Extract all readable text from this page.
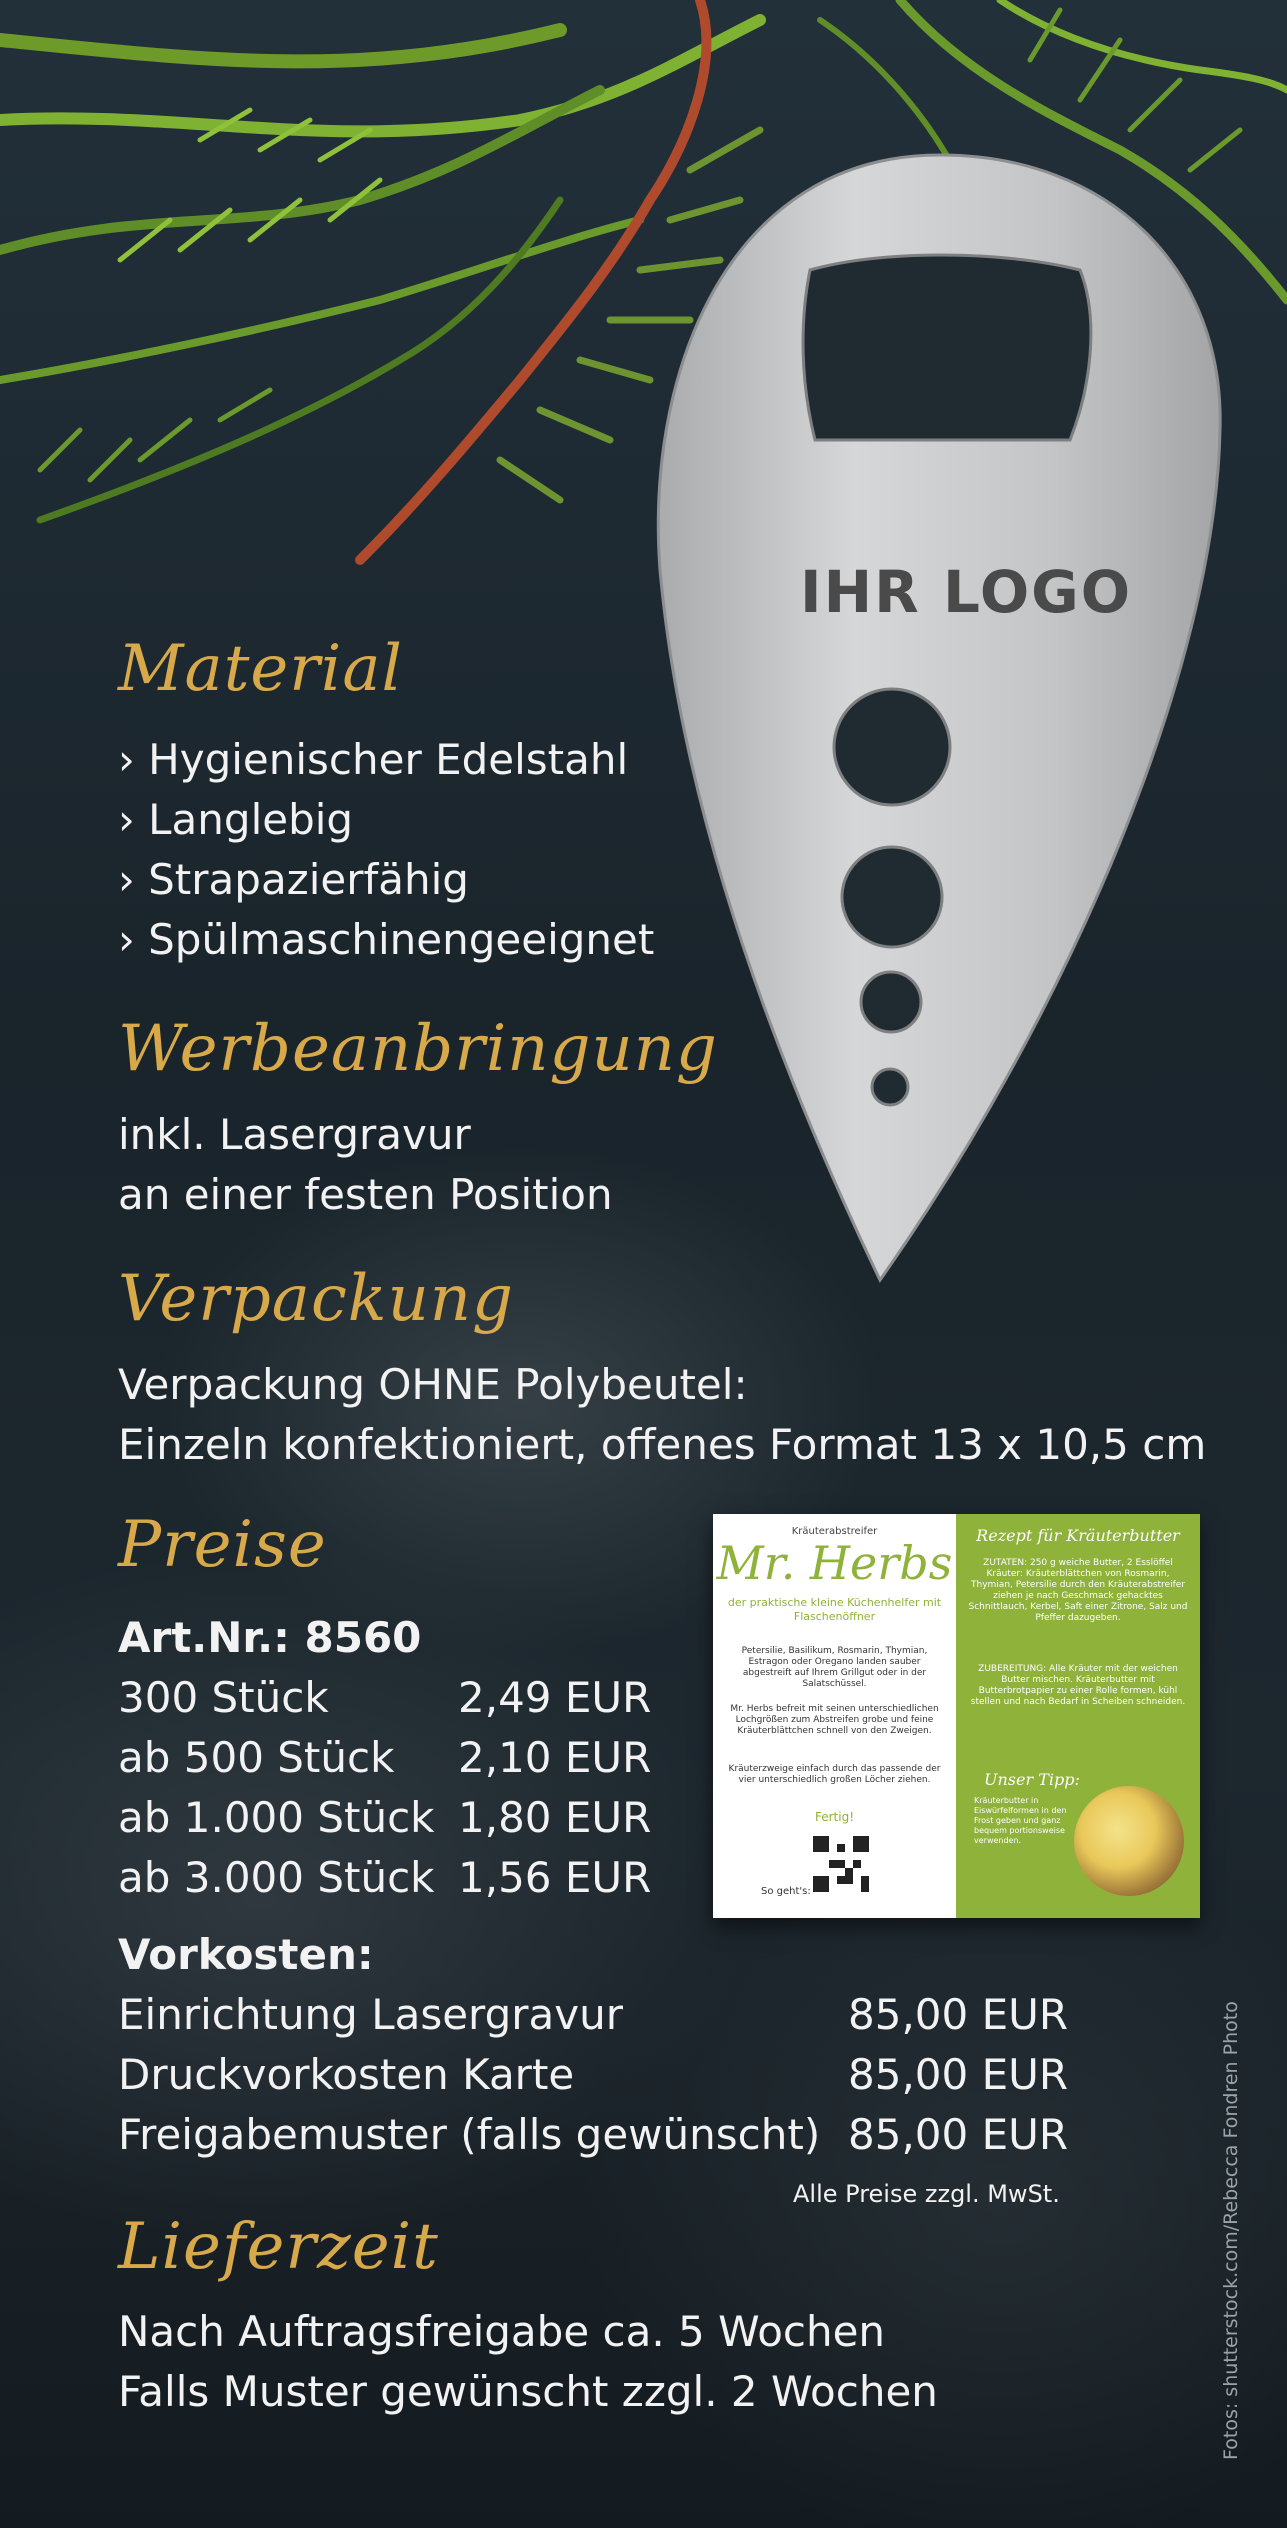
IHR LOGO
Material
› Hygienischer Edelstahl
› Langlebig
› Strapazierfähig
› Spülmaschinengeeignet
Werbeanbringung
inkl. Lasergravur
an einer festen Position
Verpackung
Verpackung OHNE Polybeutel:
Einzeln konfektioniert, offenes Format 13 x 10,5 cm
Preise
Art.Nr.: 8560
300 Stück	2,49 EUR
ab 500 Stück 2,10 EUR
ab 1.000 Stück 1,80 EUR
ab 3.000 Stück 1,56 EUR
Vorkosten:
Einrichtung Lasergravur	85,00 EUR
Druckvorkosten Karte	85,00 EUR
Freigabemuster (falls gewünscht) 85,00 EUR
Alle Preise zzgl. MwSt.
Lieferzeit
Nach Auftragsfreigabe ca. 5 Wochen
Falls Muster gewünscht zzgl. 2 Wochen	Fotos: shutterstock.com/Rebecca Fondren Photo
Kräuterabstreifer
Mr. Herbs
der praktische kleine Küchenhelfer mit Flaschenöffner
Petersilie, Basilikum, Rosmarin, Thymian, Estragon oder Oregano landen sauber abgestreift auf Ihrem Grillgut oder in der Salatschüssel.
Mr. Herbs befreit mit seinen unterschiedlichen Lochgrößen zum Abstreifen grobe und feine Kräuterblättchen schnell von den Zweigen.
Kräuterzweige einfach durch das passende der vier unterschiedlich großen Löcher ziehen.
Fertig!
So geht's:
Rezept für Kräuterbutter
ZUTATEN: 250 g weiche Butter, 2 Esslöffel Kräuter: Kräuterblättchen von Rosmarin, Thymian, Petersilie durch den Kräuterabstreifer ziehen je nach Geschmack gehacktes Schnittlauch, Kerbel, Saft einer Zitrone, Salz und Pfeffer dazugeben.
ZUBEREITUNG: Alle Kräuter mit der weichen Butter mischen. Kräuterbutter mit Butterbrotpapier zu einer Rolle formen, kühl stellen und nach Bedarf in Scheiben schneiden.
Unser Tipp:
Kräuterbutter in Eiswürfelformen in den Frost geben und ganz bequem portionsweise verwenden.
